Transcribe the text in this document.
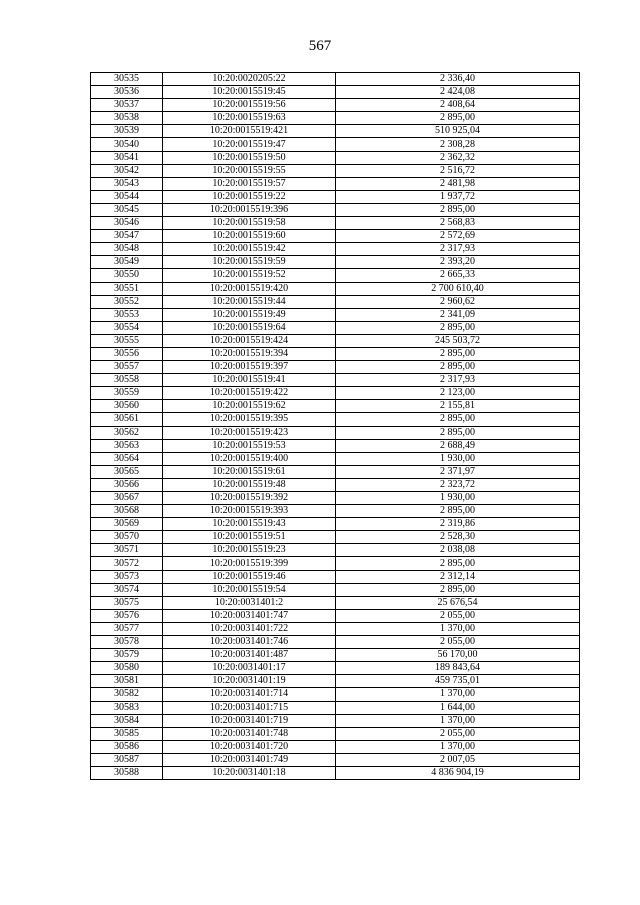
567
30535	10:20:0020205:22	2 336,40
30536	10:20:0015519:45	2 424,08
30537	10:20:0015519:56	2 408,64
30538	10:20:0015519:63	2 895,00
30539	10:20:0015519:421	510 925,04
30540	10:20:0015519:47	2 308,28
30541	10:20:0015519:50	2 362,32
30542	10:20:0015519:55	2 516,72
30543	10:20:0015519:57	2 481,98
30544	10:20:0015519:22	1 937,72
30545	10:20:0015519:396	2 895,00
30546	10:20:0015519:58	2 568,83
30547	10:20:0015519:60	2 572,69
30548	10:20:0015519:42	2 317,93
30549	10:20:0015519:59	2 393,20
30550	10:20:0015519:52	2 665,33
30551	10:20:0015519:420	2 700 610,40
30552	10:20:0015519:44	2 960,62
30553	10:20:0015519:49	2 341,09
30554	10:20:0015519:64	2 895,00
30555	10:20:0015519:424	245 503,72
30556	10:20:0015519:394	2 895,00
30557	10:20:0015519:397	2 895,00
30558	10:20:0015519:41	2 317,93
30559	10:20:0015519:422	2 123,00
30560	10:20:0015519:62	2 155,81
30561	10:20:0015519:395	2 895,00
30562	10:20:0015519:423	2 895,00
30563	10:20:0015519:53	2 688,49
30564	10:20:0015519:400	1 930,00
30565	10:20:0015519:61	2 371,97
30566	10:20:0015519:48	2 323,72
30567	10:20:0015519:392	1 930,00
30568	10:20:0015519:393	2 895,00
30569	10:20:0015519:43	2 319,86
30570	10:20:0015519:51	2 528,30
30571	10:20:0015519:23	2 038,08
30572	10:20:0015519:399	2 895,00
30573	10:20:0015519:46	2 312,14
30574	10:20:0015519:54	2 895,00
30575	10:20:0031401:2	25 676,54
30576	10:20:0031401:747	2 055,00
30577	10:20:0031401:722	1 370,00
30578	10:20:0031401:746	2 055,00
30579	10:20:0031401:487	56 170,00
30580	10:20:0031401:17	189 843,64
30581	10:20:0031401:19	459 735,01
30582	10:20:0031401:714	1 370,00
30583	10:20:0031401:715	1 644,00
30584	10:20:0031401:719	1 370,00
30585	10:20:0031401:748	2 055,00
30586	10:20:0031401:720	1 370,00
30587	10:20:0031401:749	2 007,05
30588	10:20:0031401:18	4 836 904,19
